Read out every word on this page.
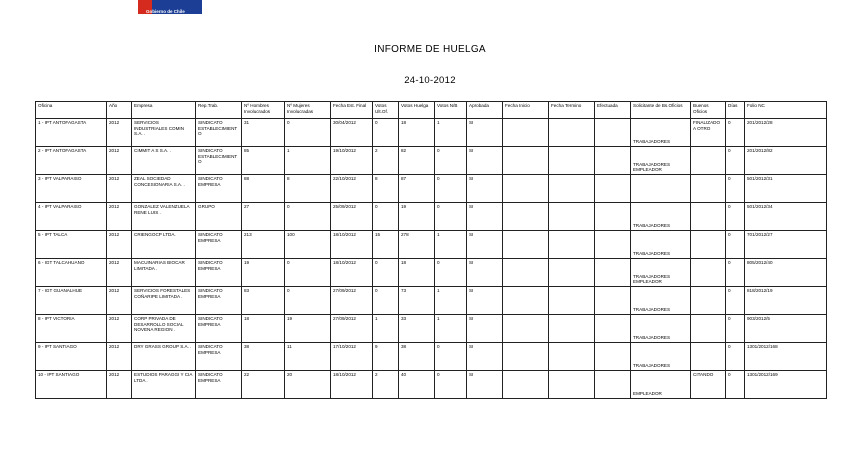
Gobierno de Chile
INFORME DE HUELGA
24-10-2012
Oficina	Año	Empresa	Rep.Trab.	Nº Hombres Involucrados	Nº Mujeres Involucradas	Fecha Est. Final	Votos Ult.Of.	Votos Huelga	Votos N/B	Aprobada	Fecha Inicio	Fecha Termino	Efectuada	Solicitante de Bs.Oficios	Buenos Oficios	Días	Folio NC
1 - IPT ANTOFAGASTA	2012	SERVICIOS INDUSTRIALES COMIN S.A. .	SINDICATO ESTABLECIMIENTO	31	0	30/04/2012	0	18	1	SI				TRABAJADORES	FINALIZADO A OTRO	0	201/2012/28
2 - IPT ANTOFAGASTA	2012	CIMMIT A S S.A. .	SINDICATO ESTABLECIMIENTO	85	1	19/10/2012	2	82	0	SI				TRABAJADORES EMPLEADOR		0	201/2012/82
3 - IPT VALPARAISO	2012	ZEAL SOCIEDAD CONCESIONARIA S.A. .	SINDICATO EMPRESA	88	8	22/10/2012	8	87	0	SI						0	501/2012/31
4 - IPT VALPARAISO	2012	GONZALEZ VALENZUELA RENE LUIS .	GRUPO	27	0	25/09/2012	0	19	0	SI				TRABAJADORES		0	501/2012/34
5 - IPT TALCA	2012	CRIENGOCP LTDA.	SINDICATO EMPRESA	213	100	18/10/2012	15	278	1	SI				TRABAJADORES		0	701/2012/27
6 - IGT TALCAHUANO	2012	MACUINARIAS BIOCAR LIMITADA .	SINDICATO EMPRESA	19	0	18/10/2012	0	18	0	SI				TRABAJADORES EMPLEADOR		0	805/2012/40
7 - IGT GUANALHUE	2012	SERVICIOS FORESTALES COÑARIPE LIMITADA .	SINDICATO EMPRESA	83	0	27/09/2012	0	73	1	SI				TRABAJADORES		0	818/2012/19
8 - IPT VICTORIA	2012	CORP PRIVADA DE DESARROLLO SOCIAL NOVENA REGION .	SINDICATO EMPRESA	18	19	27/09/2012	1	33	1	SI				TRABAJADORES		0	903/2012/5
9 - IPT SANTIAGO	2012	DRY GRASS GROUP S.A. .	SINDICATO EMPRESA	38	11	17/10/2012	9	38	0	SI				TRABAJADORES		0	1301/2012/168
10 - IPT SANTIAGO	2012	ESTUDIOS PARAGGI Y CIA LTDA .	SINDICATO EMPRESA	22	20	18/10/2012	2	40	0	SI				EMPLEADOR	CITANDO	0	1301/2012/169
